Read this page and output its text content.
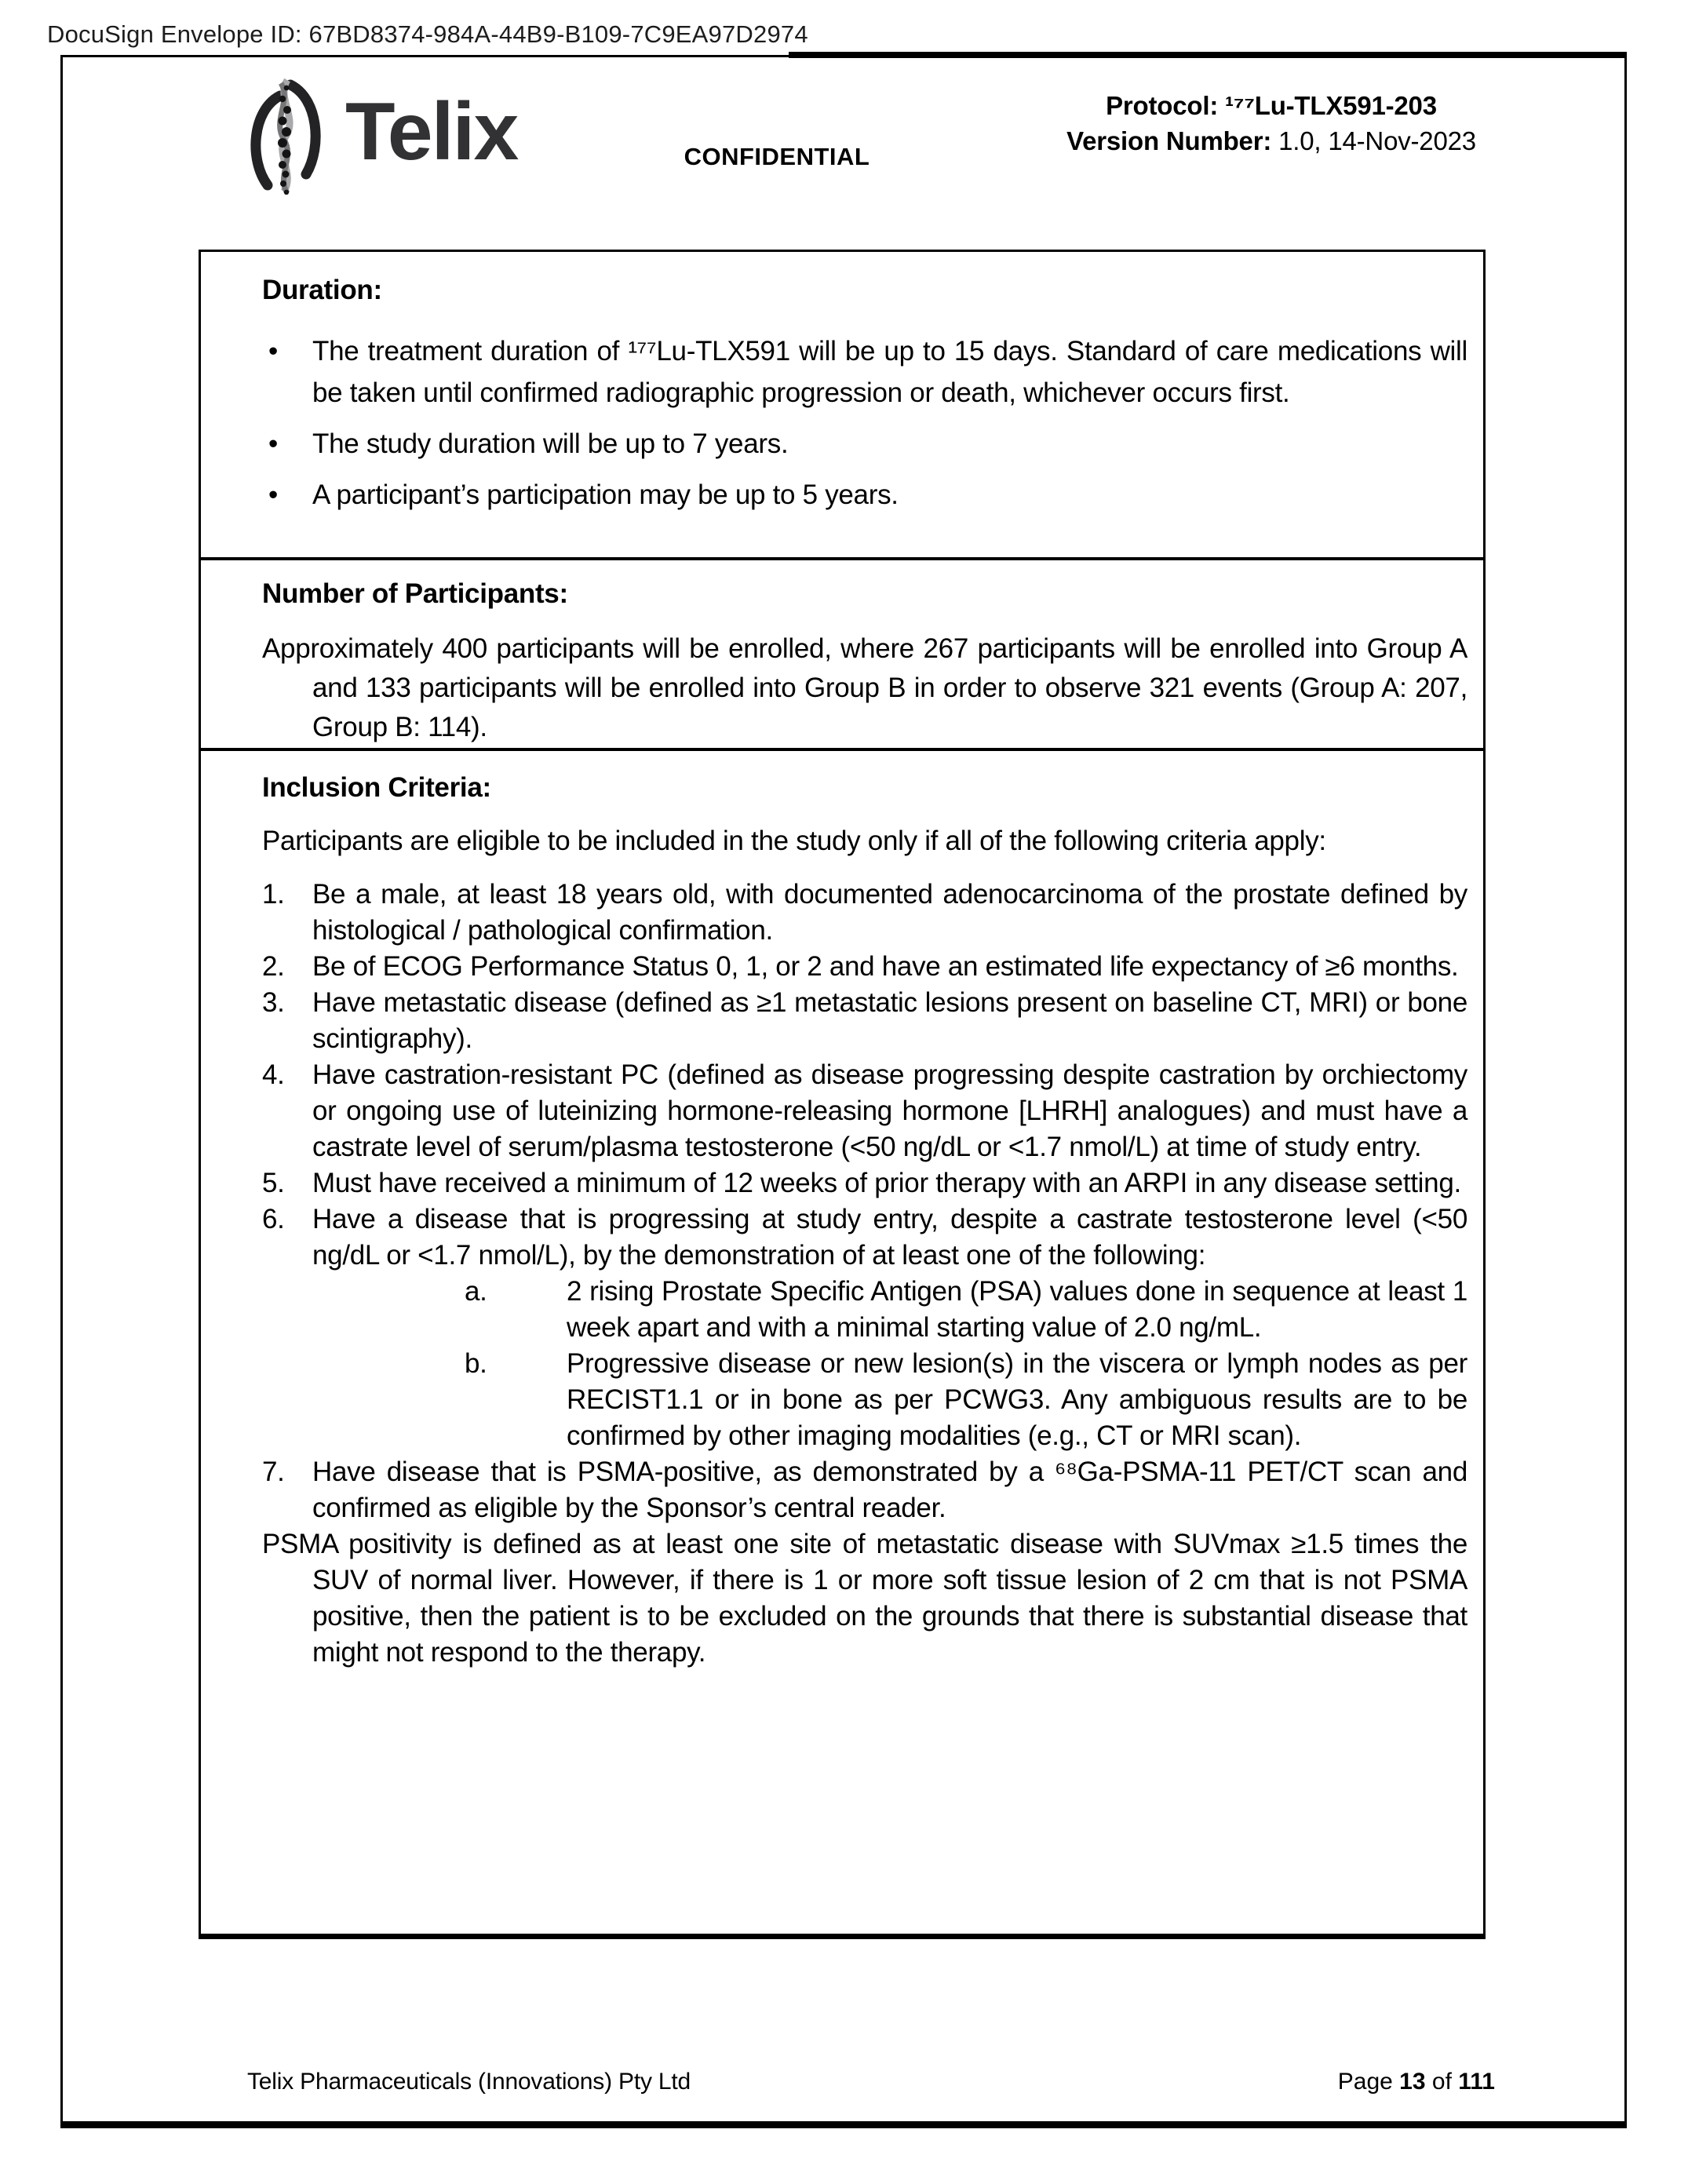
DocuSign Envelope ID: 67BD8374-984A-44B9-B109-7C9EA97D2974
Telix	CONFIDENTIAL
Protocol: ¹⁷⁷Lu-TLX591-203
Version Number: 1.0, 14-Nov-2023
Duration:
•	The treatment duration of ¹⁷⁷Lu-TLX591 will be up to 15 days. Standard of care medications will be taken until confirmed radiographic progression or death, whichever occurs first.
•	The study duration will be up to 7 years.
•	A participant’s participation may be up to 5 years.
Number of Participants:
Approximately 400 participants will be enrolled, where 267 participants will be enrolled into Group A and 133 participants will be enrolled into Group B in order to observe 321 events (Group A: 207, Group B: 114).
Inclusion Criteria:
Participants are eligible to be included in the study only if all of the following criteria apply:
1.	Be a male, at least 18 years old, with documented adenocarcinoma of the prostate defined by histological / pathological confirmation.
2.	Be of ECOG Performance Status 0, 1, or 2 and have an estimated life expectancy of ≥6 months.
3.	Have metastatic disease (defined as ≥1 metastatic lesions present on baseline CT, MRI) or bone scintigraphy).
4.	Have castration-resistant PC (defined as disease progressing despite castration by orchiectomy or ongoing use of luteinizing hormone-releasing hormone [LHRH] analogues) and must have a castrate level of serum/plasma testosterone (<50 ng/dL or <1.7 nmol/L) at time of study entry.
5.	Must have received a minimum of 12 weeks of prior therapy with an ARPI in any disease setting.
6.	Have a disease that is progressing at study entry, despite a castrate testosterone level (<50 ng/dL or <1.7 nmol/L), by the demonstration of at least one of the following:
a.	2 rising Prostate Specific Antigen (PSA) values done in sequence at least 1 week apart and with a minimal starting value of 2.0 ng/mL.
b.	Progressive disease or new lesion(s) in the viscera or lymph nodes as per RECIST1.1 or in bone as per PCWG3. Any ambiguous results are to be confirmed by other imaging modalities (e.g., CT or MRI scan).
7.	Have disease that is PSMA-positive, as demonstrated by a ⁶⁸Ga-PSMA-11 PET/CT scan and confirmed as eligible by the Sponsor’s central reader.
PSMA positivity is defined as at least one site of metastatic disease with SUVmax ≥1.5 times the SUV of normal liver. However, if there is 1 or more soft tissue lesion of 2 cm that is not PSMA positive, then the patient is to be excluded on the grounds that there is substantial disease that might not respond to the therapy.
Telix Pharmaceuticals (Innovations) Pty Ltd	Page 13 of 111
